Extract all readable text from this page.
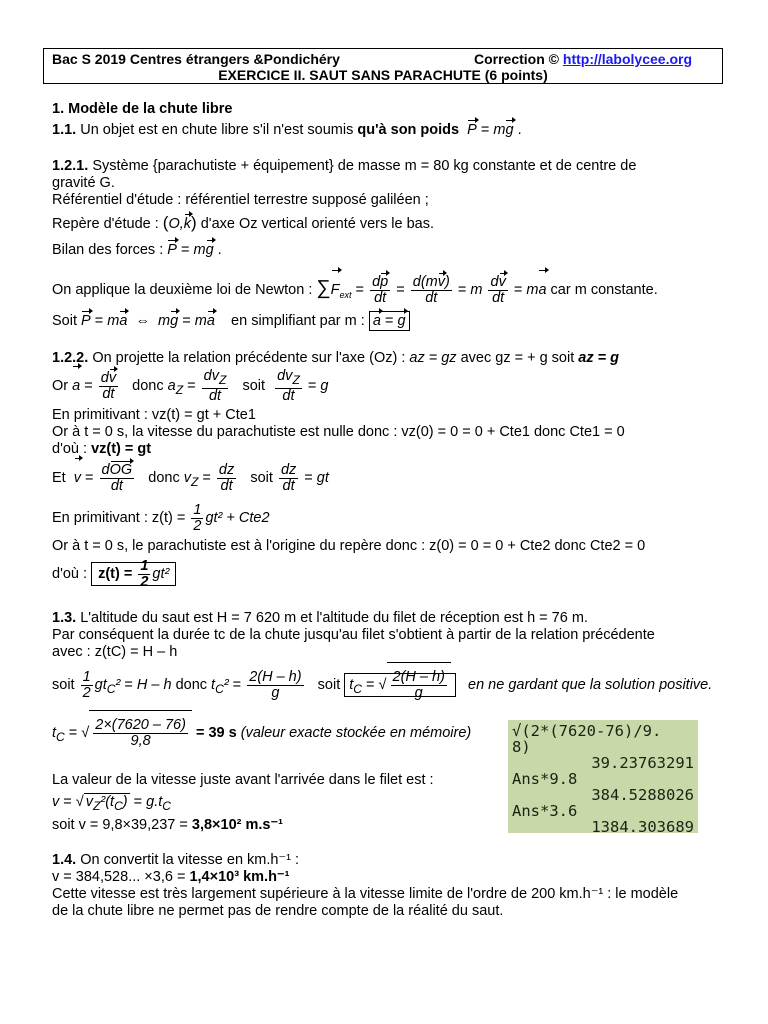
Bac S 2019 Centres étrangers &Pondichéry	Correction © http://labolycee.org
EXERCICE II. SAUT SANS PARACHUTE (6 points)
1. Modèle de la chute libre
1.1. Un objet est en chute libre s'il n'est soumis qu'à son poids P = mg .
1.2.1. Système {parachutiste + équipement} de masse m = 80 kg constante et de centre de
gravité G.
Référentiel d'étude : référentiel terrestre supposé galiléen ;
Repère d'étude : (O,k) d'axe Oz vertical orienté vers le bas.
Bilan des forces : P = mg .
On applique la deuxième loi de Newton : $\sum F_{ext} = \frac{dp}{dt} = \frac{d(mv)}{dt} = m \frac{dv}{dt}$ = ma car m constante.
Soit P = ma  ⇔  mg = ma en simplifiant par m : a = g
1.2.2. On projette la relation précédente sur l'axe (Oz) : az = gz avec gz = + g soit az = g
Or $a = \frac{dv}{dt}$ donc $a_Z = \frac{dv_Z}{dt}$ soit $\frac{dv_Z}{dt} = g$
En primitivant : vz(t) = gt + Cte1
Or à t = 0 s, la vitesse du parachutiste est nulle donc : vz(0) = 0 = 0 + Cte1 donc Cte1 = 0
d'où : vz(t) = gt
Et $v = \frac{\text{dOG}}{dt}$ donc $v_Z = \frac{dz}{dt}$ soit $\frac{dz}{dt}$ = gt
En primitivant : $z(t) = \frac{1}{2} gt^2 + Cte2$
Or à t = 0 s, le parachutiste est à l'origine du repère donc : z(0) = 0 = 0 + Cte2 donc Cte2 = 0
d'où : $z(t) = \frac{1}{2} gt^2$
1.3. L'altitude du saut est H = 7 620 m et l'altitude du filet de réception est h = 76 m.
Par conséquent la durée tc de la chute jusqu'au filet s'obtient à partir de la relation précédente
avec : z(tC) = H – h
soit $\frac{1}{2} gt_C^2 = H - h$ donc $t_C^2 = \frac{2(H - h)}{g}$ soit $t_C$ = √ $\frac{2(H - h)}{g}$ en ne gardant que la solution positive.
$t_C$ = √ $\frac{2\times(7620 - 76)}{9,8} = 39$ s (valeur exacte stockée en mémoire)
La valeur de la vitesse juste avant l'arrivée dans le filet est :
v = √ $v_Z^2(t_C) = g.t_C$
soit v = 9,8×39,237 = 3,8×10² m.s⁻¹
1.4. On convertit la vitesse en km.h⁻¹ :
v = 384,528... ×3,6 = 1,4×10³ km.h⁻¹
Cette vitesse est très largement supérieure à la vitesse limite de l'ordre de 200 km.h⁻¹ : le modèle
de la chute libre ne permet pas de rendre compte de la réalité du saut.
√(2*(7620-76)/9.
8)
39.23763291
Ans*9.8
384.5288026
Ans*3.6
1384.303689
